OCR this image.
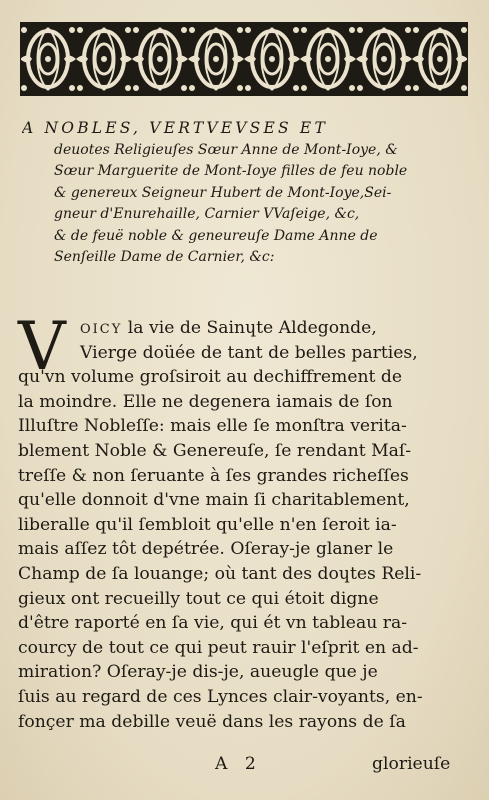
A NOBLES, VERTVEVSES ET
deuotes Religieuſes Sœur Anne de Mont-Ioye, &
Sœur Marguerite de Mont-Ioye filles de feu noble
& genereux Seigneur Hubert de Mont-Ioye,Sei-
gneur d'Enurehaille, Carnier VVaſeige, &c,
& de feuë noble & geneureuſe Dame Anne de
Senſeille Dame de Carnier, &c:
V	OICY la vie de Sainɥte Aldegonde,
Vierge doüée de tant de belles parties,
qu'vn volume groſsiroit au dechiffrement de
la moindre. Elle ne degenera iamais de ſon
Illuſtre Nobleſſe: mais elle ſe monſtra verita-
blement Noble & Genereuſe, ſe rendant Maſ-
treſſe & non ſeruante à ſes grandes richeſſes
qu'elle donnoit d'vne main ſi charitablement,
liberalle qu'il ſembloit qu'elle n'en ſeroit ia-
mais aſſez tôt depétrée. Oſeray-je glaner le
Champ de ſa louange; où tant des doɥtes Reli-
gieux ont recueilly tout ce qui étoit digne
d'être raporté en ſa vie, qui ét vn tableau ra-
courcy de tout ce qui peut rauir l'eſprit en ad-
miration? Oſeray-je dis-je, aueugle que je
ſuis au regard de ces Lynces clair-voyants, en-
fonçer ma debille veuë dans les rayons de ſa
A 2	glorieuſe
